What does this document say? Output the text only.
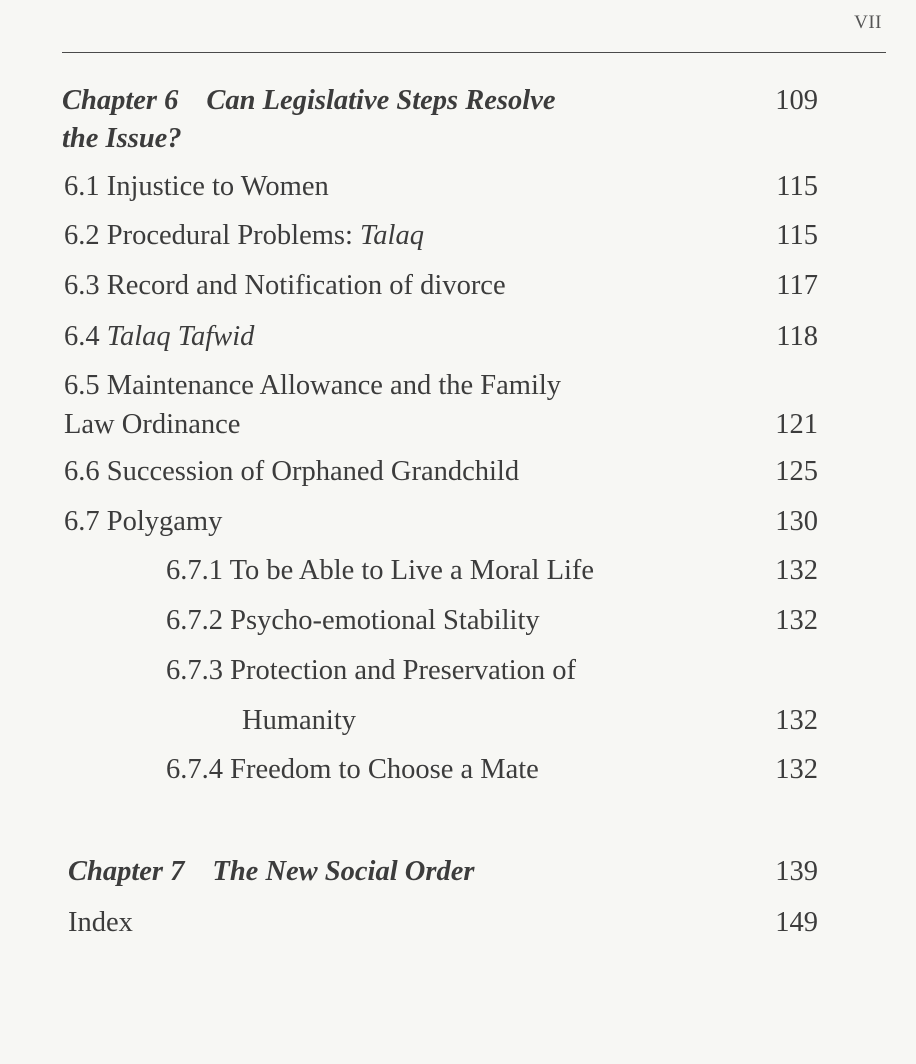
VII
Chapter 6 Can Legislative Steps Resolve	109
the Issue?
6.1 Injustice to Women	115
6.2 Procedural Problems: Talaq	115
6.3 Record and Notification of divorce	117
6.4 Talaq Tafwid	118
6.5 Maintenance Allowance and the Family
Law Ordinance	121
6.6 Succession of Orphaned Grandchild	125
6.7 Polygamy	130
6.7.1 To be Able to Live a Moral Life	132
6.7.2 Psycho-emotional Stability	132
6.7.3 Protection and Preservation of
Humanity	132
6.7.4 Freedom to Choose a Mate	132
Chapter 7 The New Social Order	139
Index	149
